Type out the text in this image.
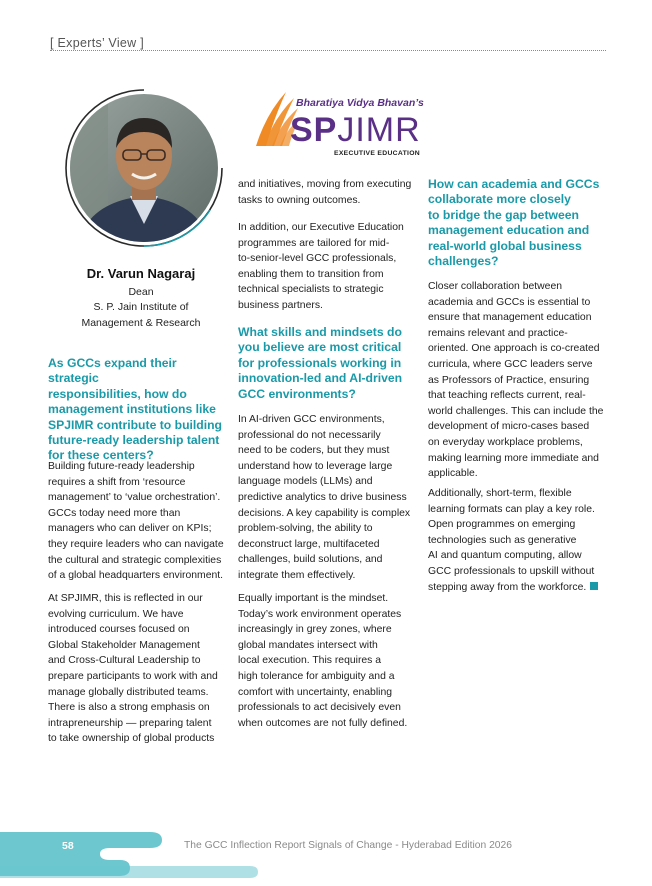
[ Experts’ View ]
Dr. Varun Nagaraj
Dean
S. P. Jain Institute of
Management & Research
Bharatiya Vidya Bhavan’s
SPJIMR
EXECUTIVE EDUCATION
As GCCs expand their strategic
responsibilities, how do
management institutions like
SPJIMR contribute to building
future-ready leadership talent
for these centers?
Building future-ready leadership
requires a shift from ‘resource
management’ to ‘value orchestration’.
GCCs today need more than
managers who can deliver on KPIs;
they require leaders who can navigate
the cultural and strategic complexities
of a global headquarters environment.
At SPJIMR, this is reflected in our
evolving curriculum. We have
introduced courses focused on
Global Stakeholder Management
and Cross-Cultural Leadership to
prepare participants to work with and
manage globally distributed teams.
There is also a strong emphasis on
intrapreneurship — preparing talent
to take ownership of global products
and initiatives, moving from executing
tasks to owning outcomes.
In addition, our Executive Education
programmes are tailored for mid-
to-senior-level GCC professionals,
enabling them to transition from
technical specialists to strategic
business partners.
What skills and mindsets do
you believe are most critical
for professionals working in
innovation-led and AI-driven
GCC environments?
In AI-driven GCC environments,
professional do not necessarily
need to be coders, but they must
understand how to leverage large
language models (LLMs) and
predictive analytics to drive business
decisions. A key capability is complex
problem-solving, the ability to
deconstruct large, multifaceted
challenges, build solutions, and
integrate them effectively.
Equally important is the mindset.
Today’s work environment operates
increasingly in grey zones, where
global mandates intersect with
local execution. This requires a
high tolerance for ambiguity and a
comfort with uncertainty, enabling
professionals to act decisively even
when outcomes are not fully defined.
How can academia and GCCs
collaborate more closely
to bridge the gap between
management education and
real-world global business
challenges?
Closer collaboration between
academia and GCCs is essential to
ensure that management education
remains relevant and practice-
oriented. One approach is co-created
curricula, where GCC leaders serve
as Professors of Practice, ensuring
that teaching reflects current, real-
world challenges. This can include the
development of micro-cases based
on everyday workplace problems,
making learning more immediate and
applicable.
Additionally, short-term, flexible
learning formats can play a key role.
Open programmes on emerging
technologies such as generative
AI and quantum computing, allow
GCC professionals to upskill without
stepping away from the workforce.
58	The GCC Inflection Report Signals of Change - Hyderabad Edition 2026
